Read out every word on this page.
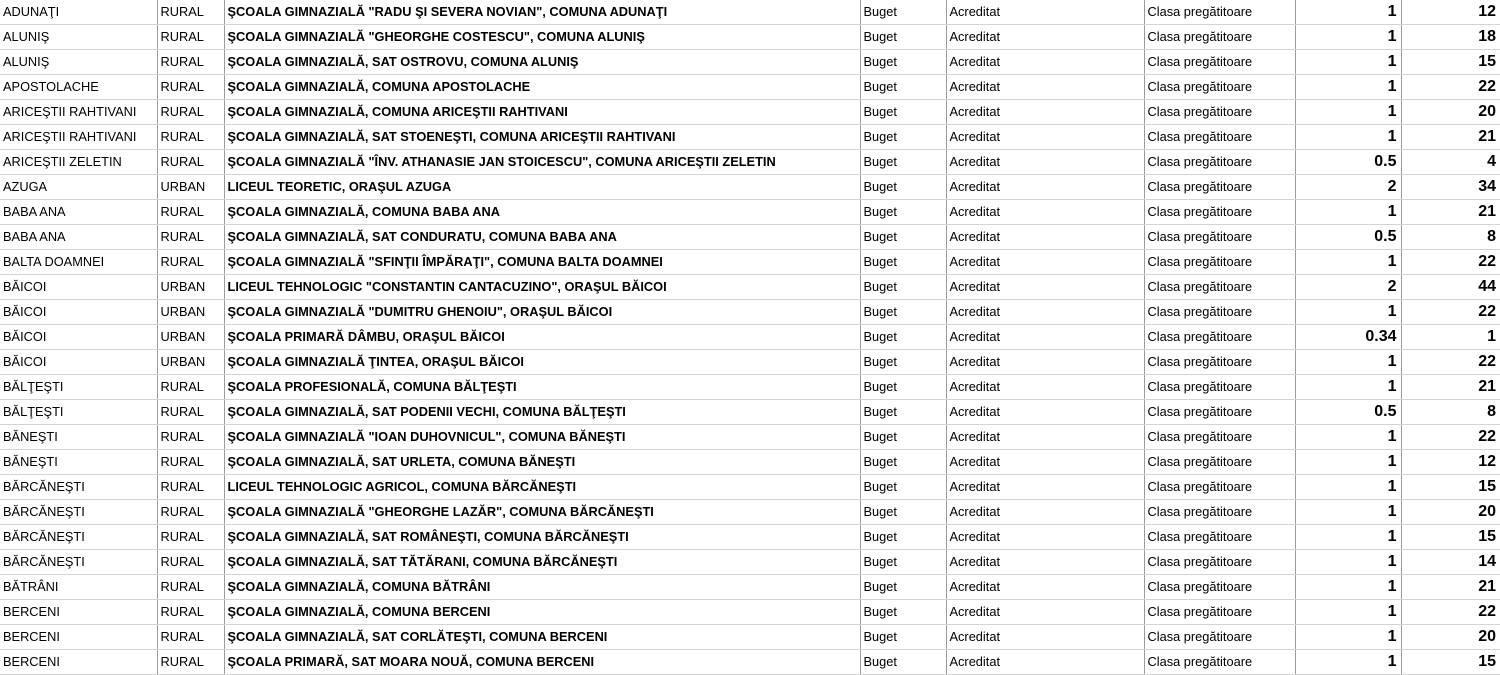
ADUNAŢI	RURAL	ŞCOALA GIMNAZIALĂ "RADU ŞI SEVERA NOVIAN", COMUNA ADUNAŢI	Buget	Acreditat	Clasa pregătitoare	1	12
ALUNIŞ	RURAL	ŞCOALA GIMNAZIALĂ "GHEORGHE COSTESCU", COMUNA ALUNIŞ	Buget	Acreditat	Clasa pregătitoare	1	18
ALUNIŞ	RURAL	ŞCOALA GIMNAZIALĂ, SAT OSTROVU, COMUNA ALUNIŞ	Buget	Acreditat	Clasa pregătitoare	1	15
APOSTOLACHE	RURAL	ŞCOALA GIMNAZIALĂ, COMUNA APOSTOLACHE	Buget	Acreditat	Clasa pregătitoare	1	22
ARICEŞTII RAHTIVANI	RURAL	ŞCOALA GIMNAZIALĂ, COMUNA ARICEŞTII RAHTIVANI	Buget	Acreditat	Clasa pregătitoare	1	20
ARICEŞTII RAHTIVANI	RURAL	ŞCOALA GIMNAZIALĂ, SAT STOENEŞTI, COMUNA ARICEŞTII RAHTIVANI	Buget	Acreditat	Clasa pregătitoare	1	21
ARICEŞTII ZELETIN	RURAL	ŞCOALA GIMNAZIALĂ "ÎNV. ATHANASIE JAN STOICESCU", COMUNA ARICEŞTII ZELETIN	Buget	Acreditat	Clasa pregătitoare	0.5	4
AZUGA	URBAN	LICEUL TEORETIC, ORAŞUL AZUGA	Buget	Acreditat	Clasa pregătitoare	2	34
BABA ANA	RURAL	ŞCOALA GIMNAZIALĂ, COMUNA BABA ANA	Buget	Acreditat	Clasa pregătitoare	1	21
BABA ANA	RURAL	ŞCOALA GIMNAZIALĂ, SAT CONDURATU, COMUNA BABA ANA	Buget	Acreditat	Clasa pregătitoare	0.5	8
BALTA DOAMNEI	RURAL	ŞCOALA GIMNAZIALĂ "SFINŢII ÎMPĂRAŢI", COMUNA BALTA DOAMNEI	Buget	Acreditat	Clasa pregătitoare	1	22
BĂICOI	URBAN	LICEUL TEHNOLOGIC "CONSTANTIN CANTACUZINO", ORAŞUL BĂICOI	Buget	Acreditat	Clasa pregătitoare	2	44
BĂICOI	URBAN	ŞCOALA GIMNAZIALĂ "DUMITRU GHENOIU", ORAŞUL BĂICOI	Buget	Acreditat	Clasa pregătitoare	1	22
BĂICOI	URBAN	ŞCOALA PRIMARĂ DÂMBU, ORAŞUL BĂICOI	Buget	Acreditat	Clasa pregătitoare	0.34	1
BĂICOI	URBAN	ŞCOALA GIMNAZIALĂ ŢINTEA, ORAŞUL BĂICOI	Buget	Acreditat	Clasa pregătitoare	1	22
BĂLŢEŞTI	RURAL	ŞCOALA PROFESIONALĂ, COMUNA BĂLŢEŞTI	Buget	Acreditat	Clasa pregătitoare	1	21
BĂLŢEŞTI	RURAL	ŞCOALA GIMNAZIALĂ, SAT PODENII VECHI, COMUNA BĂLŢEŞTI	Buget	Acreditat	Clasa pregătitoare	0.5	8
BĂNEŞTI	RURAL	ŞCOALA GIMNAZIALĂ "IOAN DUHOVNICUL", COMUNA BĂNEŞTI	Buget	Acreditat	Clasa pregătitoare	1	22
BĂNEŞTI	RURAL	ŞCOALA GIMNAZIALĂ, SAT URLETA, COMUNA BĂNEŞTI	Buget	Acreditat	Clasa pregătitoare	1	12
BĂRCĂNEŞTI	RURAL	LICEUL TEHNOLOGIC AGRICOL, COMUNA BĂRCĂNEŞTI	Buget	Acreditat	Clasa pregătitoare	1	15
BĂRCĂNEŞTI	RURAL	ŞCOALA GIMNAZIALĂ "GHEORGHE LAZĂR", COMUNA BĂRCĂNEŞTI	Buget	Acreditat	Clasa pregătitoare	1	20
BĂRCĂNEŞTI	RURAL	ŞCOALA GIMNAZIALĂ, SAT ROMÂNEŞTI, COMUNA BĂRCĂNEŞTI	Buget	Acreditat	Clasa pregătitoare	1	15
BĂRCĂNEŞTI	RURAL	ŞCOALA GIMNAZIALĂ, SAT TĂTĂRANI, COMUNA BĂRCĂNEŞTI	Buget	Acreditat	Clasa pregătitoare	1	14
BĂTRÂNI	RURAL	ŞCOALA GIMNAZIALĂ, COMUNA BĂTRÂNI	Buget	Acreditat	Clasa pregătitoare	1	21
BERCENI	RURAL	ŞCOALA GIMNAZIALĂ, COMUNA BERCENI	Buget	Acreditat	Clasa pregătitoare	1	22
BERCENI	RURAL	ŞCOALA GIMNAZIALĂ, SAT CORLĂTEŞTI, COMUNA BERCENI	Buget	Acreditat	Clasa pregătitoare	1	20
BERCENI	RURAL	ŞCOALA PRIMARĂ, SAT MOARA NOUĂ, COMUNA BERCENI	Buget	Acreditat	Clasa pregătitoare	1	15
